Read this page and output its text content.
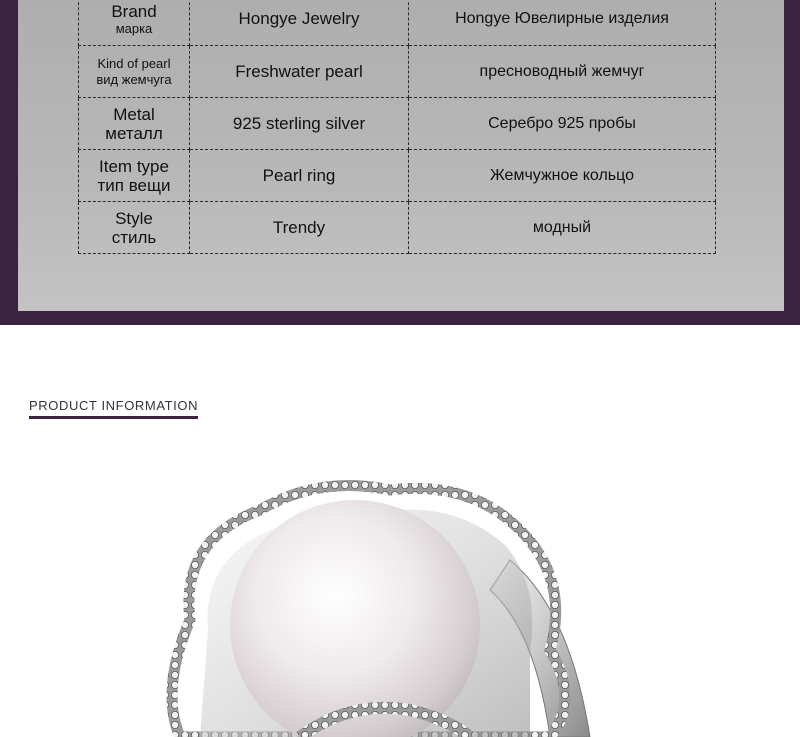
Brand
марка	Hongye Jewelry	Hongye Ювелирные изделия

Kind of pearl
вид жемчуга	Freshwater pearl	пресноводный жемчуг

Metal
металл	925 sterling silver	Серебро 925 пробы

Item type
тип вещи	Pearl ring	Жемчужное кольцо

Style
стиль	Trendy	модный
PRODUCT INFORMATION
